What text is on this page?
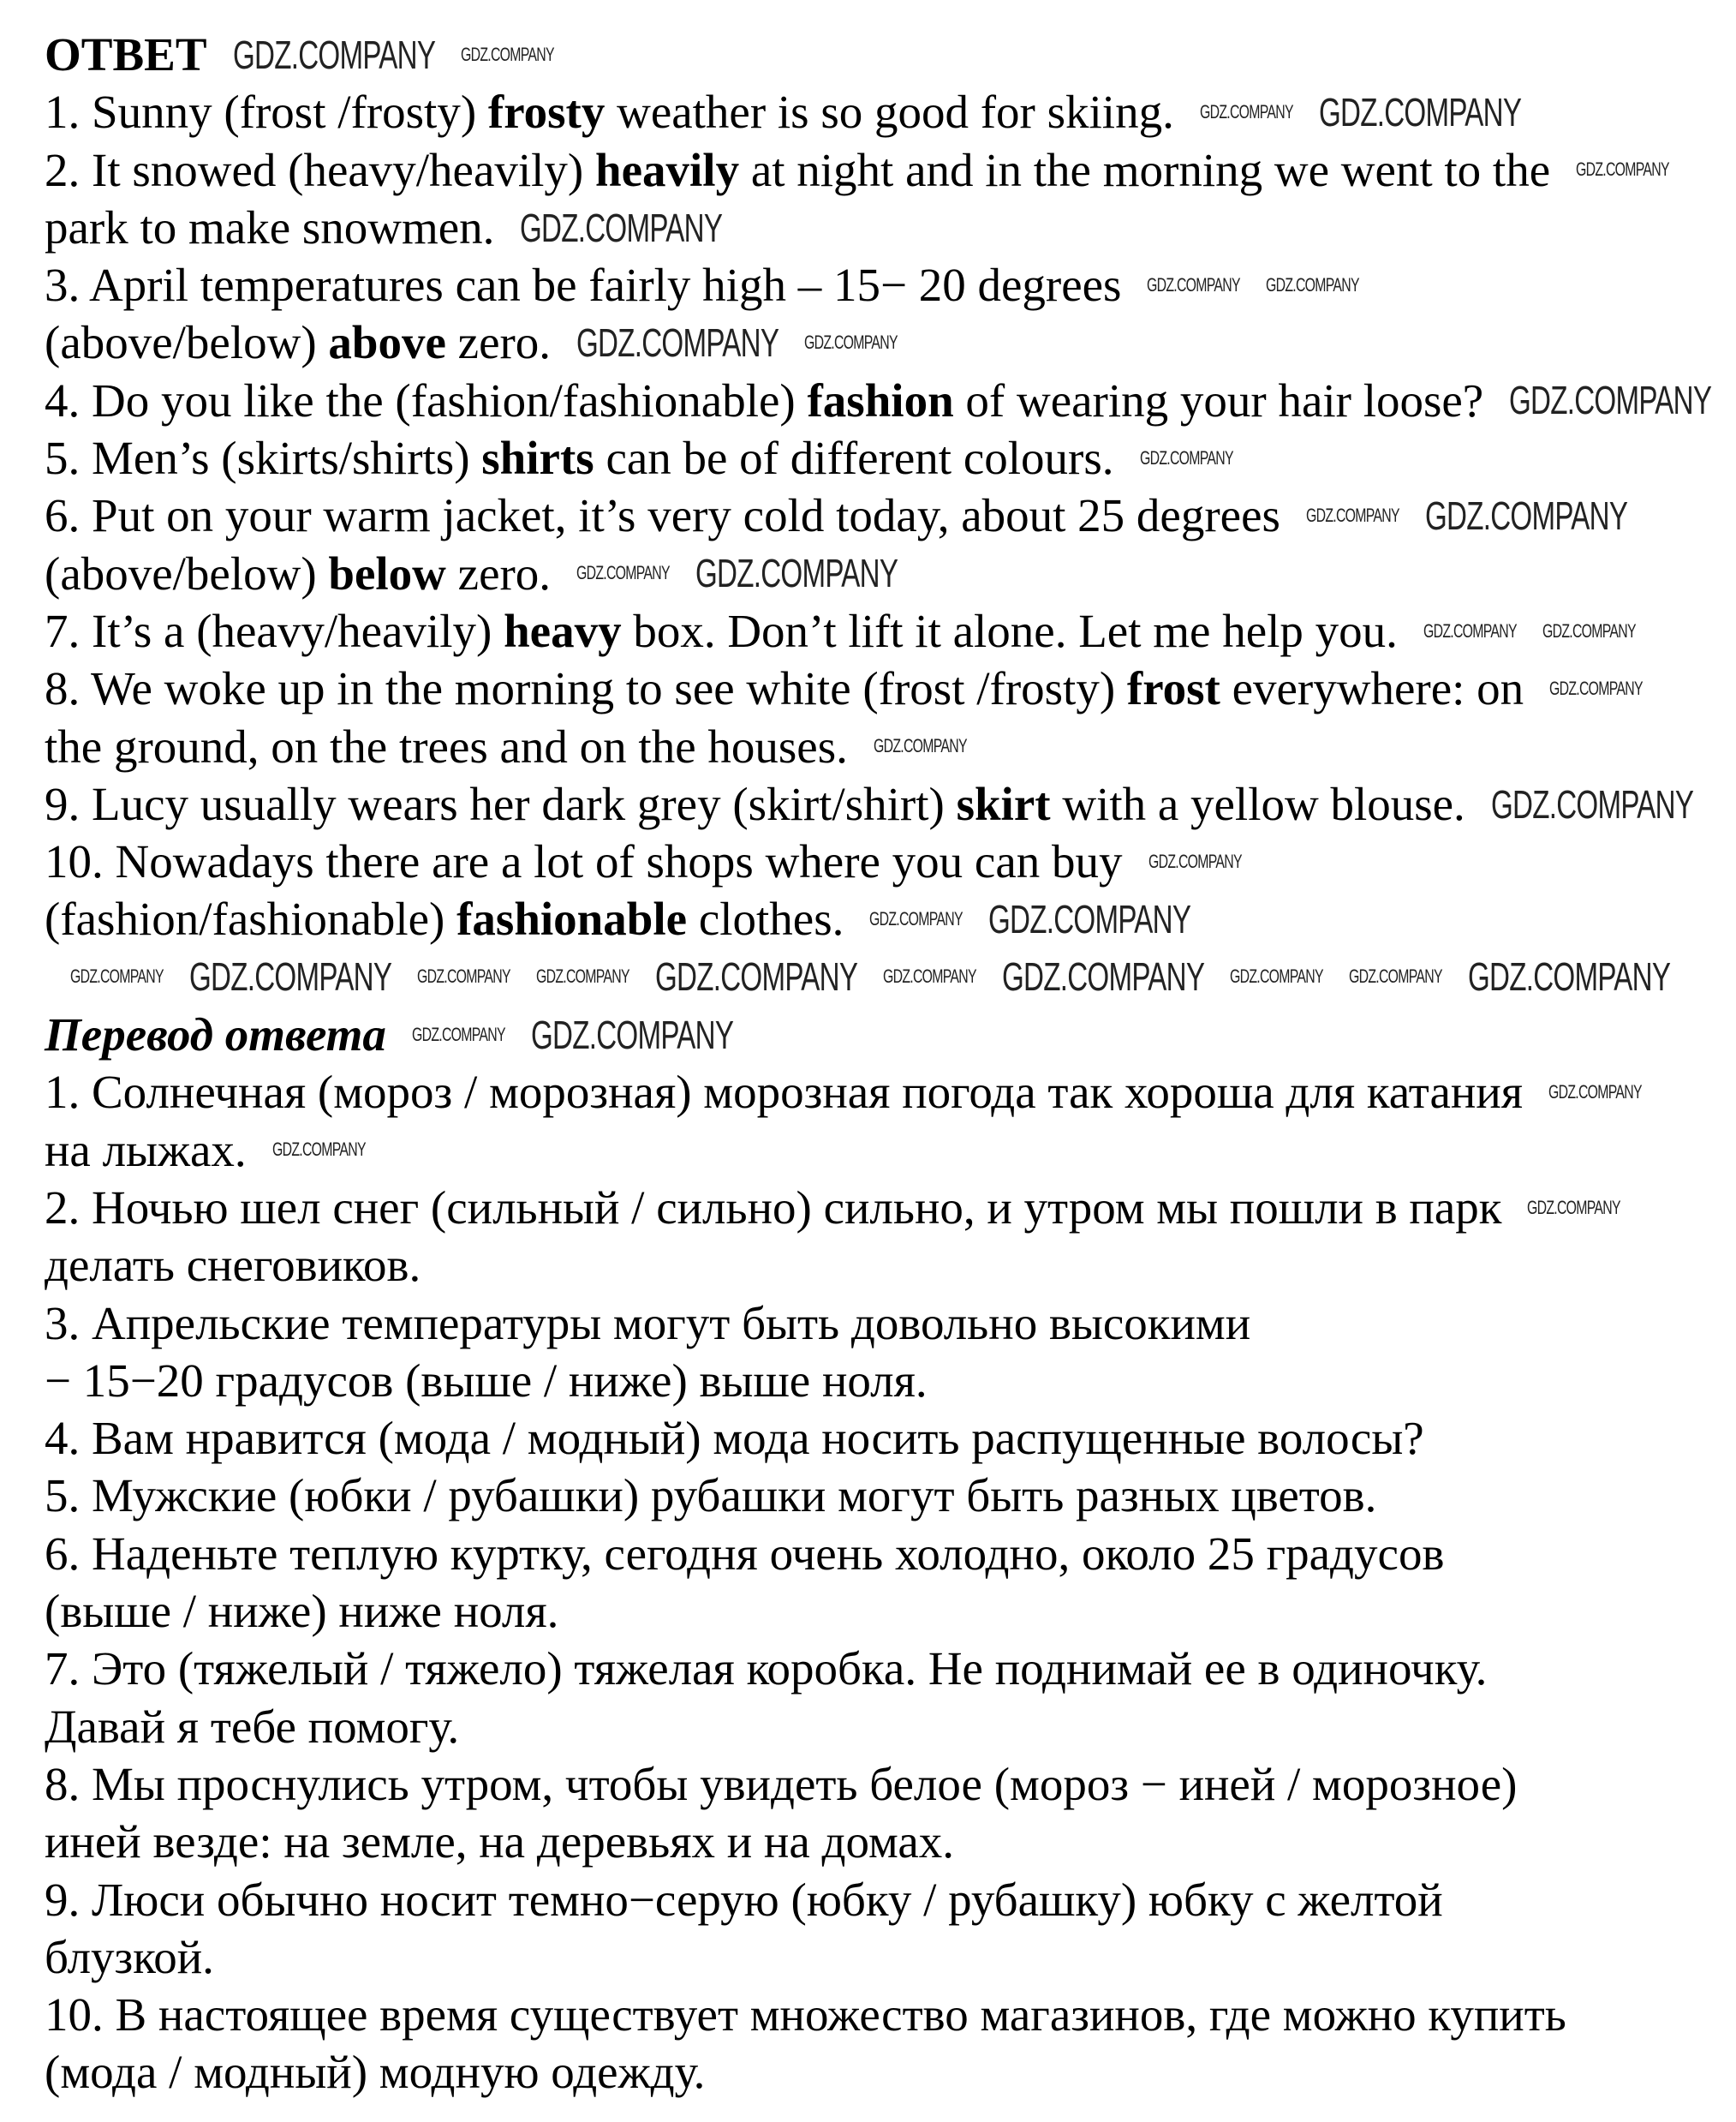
ОТВЕТ
1. Sunny (frost /frosty) frosty weather is so good for skiing.
2. It snowed (heavy/heavily) heavily at night and in the morning we went to the
park to make snowmen.
3. April temperatures can be fairly high – 15− 20 degrees
(above/below) above zero.
4. Do you like the (fashion/fashionable) fashion of wearing your hair loose?
5. Men’s (skirts/shirts) shirts can be of different colours.
6. Put on your warm jacket, it’s very cold today, about 25 degrees
(above/below) below zero.
7. It’s a (heavy/heavily) heavy box. Don’t lift it alone. Let me help you.
8. We woke up in the morning to see white (frost /frosty) frost everywhere: on
the ground, on the trees and on the houses.
9. Lucy usually wears her dark grey (skirt/shirt) skirt with a yellow blouse.
10. Nowadays there are a lot of shops where you can buy
(fashion/fashionable) fashionable clothes.
Перевод ответа
1. Солнечная (мороз / морозная) морозная погода так хороша для катания
на лыжах.
2. Ночью шел снег (сильный / сильно) сильно, и утром мы пошли в парк
делать снеговиков.
3. Апрельские температуры могут быть довольно высокими
− 15−20 градусов (выше / ниже) выше ноля.
4. Вам нравится (мода / модный) мода носить распущенные волосы?
5. Мужские (юбки / рубашки) рубашки могут быть разных цветов.
6. Наденьте теплую куртку, сегодня очень холодно, около 25 градусов
(выше / ниже) ниже ноля.
7. Это (тяжелый / тяжело) тяжелая коробка. Не поднимай ее в одиночку.
Давай я тебе помогу.
8. Мы проснулись утром, чтобы увидеть белое (мороз − иней / морозное)
иней везде: на земле, на деревьях и на домах.
9. Люси обычно носит темно−серую (юбку / рубашку) юбку с желтой
блузкой.
10. В настоящее время существует множество магазинов, где можно купить
(мода / модный) модную одежду.
GDZ.COMPANY GDZ.COMPANY
GDZ.COMPANY GDZ.COMPANY
GDZ.COMPANY
GDZ.COMPANY
GDZ.COMPANY GDZ.COMPANY
GDZ.COMPANY GDZ.COMPANY
GDZ.COMPANY
GDZ.COMPANY
GDZ.COMPANY GDZ.COMPANY
GDZ.COMPANY GDZ.COMPANY
GDZ.COMPANY GDZ.COMPANY
GDZ.COMPANY
GDZ.COMPANY
GDZ.COMPANY
GDZ.COMPANY
GDZ.COMPANY GDZ.COMPANY
GDZ.COMPANY GDZ.COMPANY GDZ.COMPANY GDZ.COMPANY GDZ.COMPANY GDZ.COMPANY GDZ.COMPANY GDZ.COMPANY GDZ.COMPANY GDZ.COMPANY
GDZ.COMPANY GDZ.COMPANY
GDZ.COMPANY
GDZ.COMPANY
GDZ.COMPANY
